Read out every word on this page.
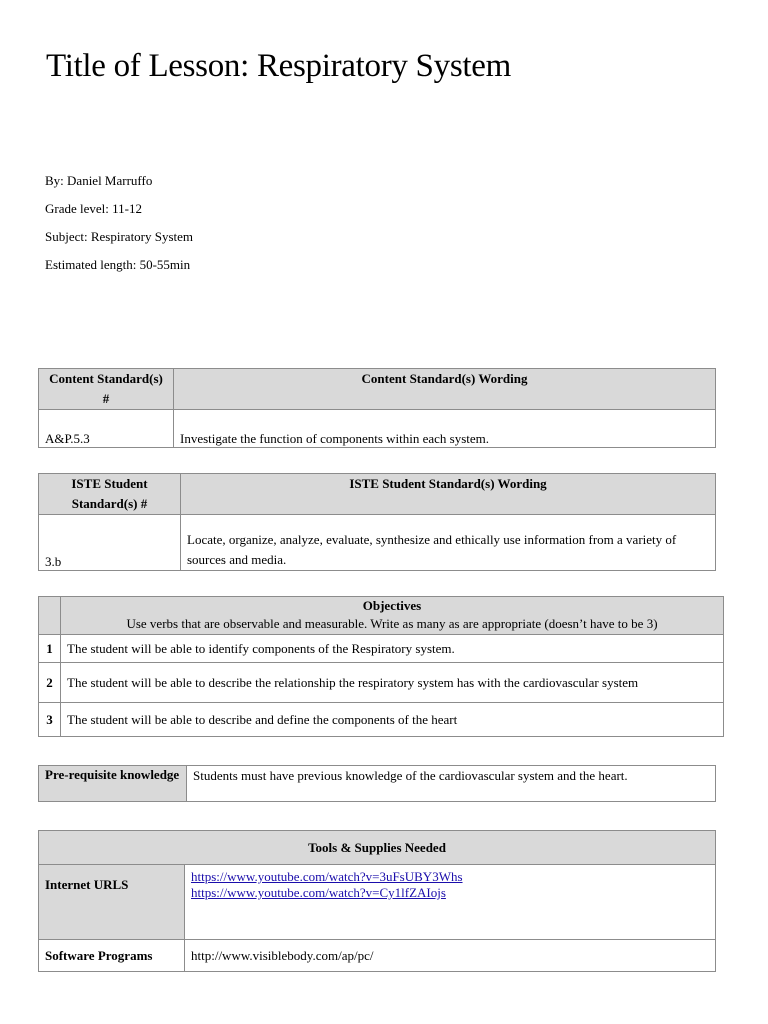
Title of Lesson: Respiratory System
By: Daniel Marruffo
Grade level: 11-12
Subject: Respiratory System
Estimated length: 50-55min
Content Standard(s) #	Content Standard(s) Wording
A&P.5.3	Investigate the function of components within each system.
ISTE Student Standard(s) #	ISTE Student Standard(s) Wording
3.b	Locate, organize, analyze, evaluate, synthesize and ethically use information from a variety of sources and media.

	Objectives
Use verbs that are observable and measurable. Write as many as are appropriate (doesn’t have to be 3)

1	The student will be able to identify components of the Respiratory system.
2	The student will be able to describe the relationship the respiratory system has with the cardiovascular system
3	The student will be able to describe and define the components of the heart
Pre-requisite knowledge	Students must have previous knowledge of the cardiovascular system and the heart.
Tools & Supplies Needed	
Internet URLS	https://www.youtube.com/watch?v=3uFsUBY3Whs
https://www.youtube.com/watch?v=Cy1lfZAIojs

Software Programs	http://www.visiblebody.com/ap/pc/
